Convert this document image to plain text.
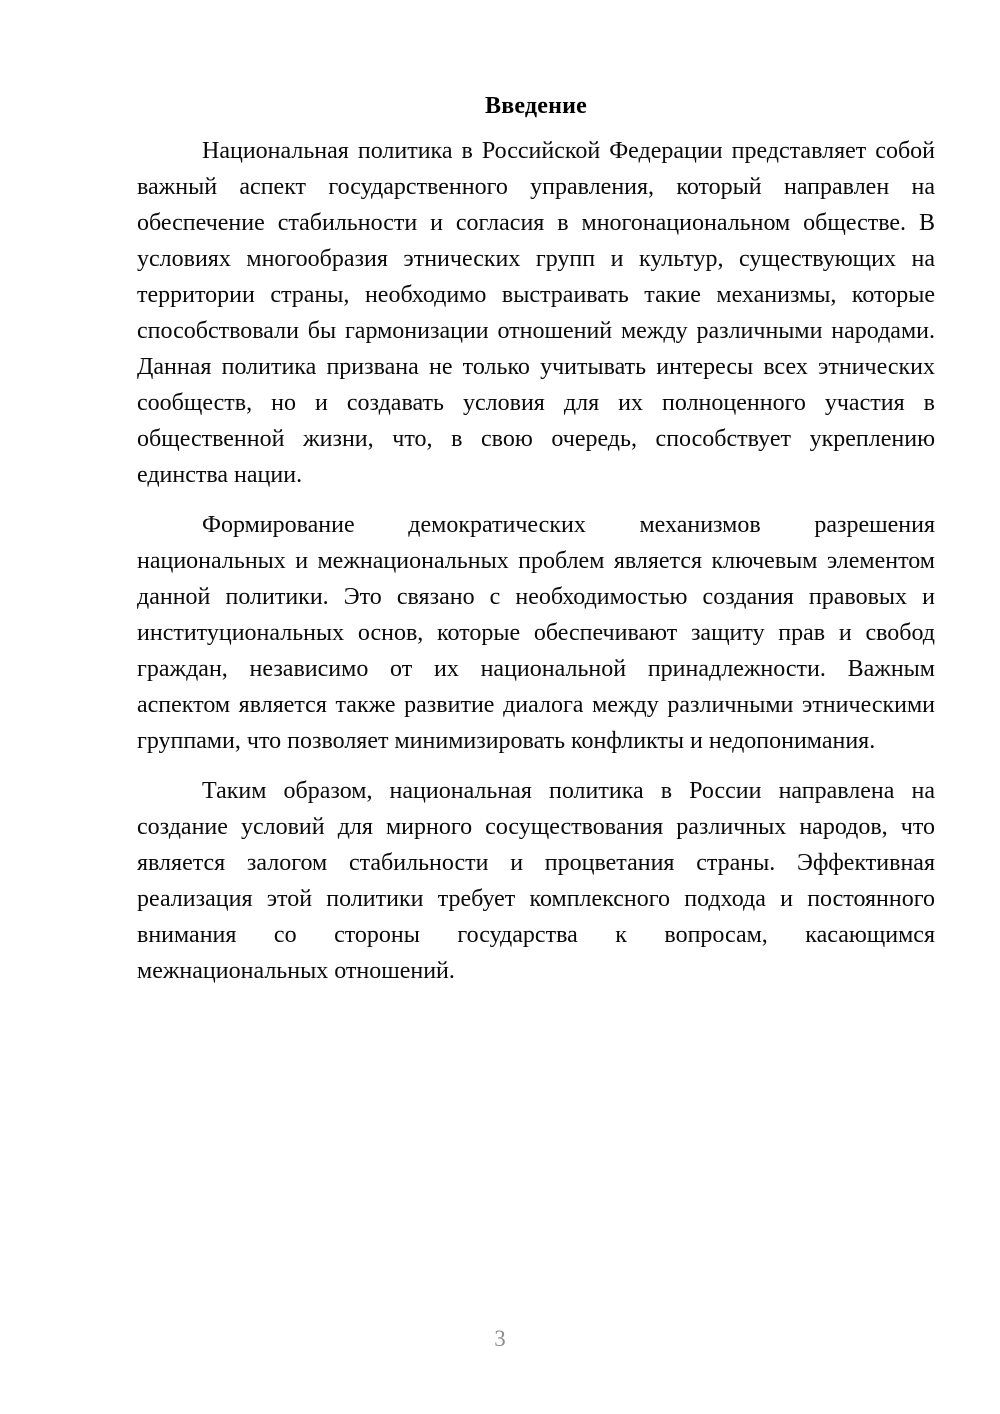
Введение

Национальная политика в Российской Федерации представляет собой важный аспект государственного управления, который направлен на обеспечение стабильности и согласия в многонациональном обществе. В условиях многообразия этнических групп и культур, существующих на территории страны, необходимо выстраивать такие механизмы, которые способствовали бы гармонизации отношений между различными народами. Данная политика призвана не только учитывать интересы всех этнических сообществ, но и создавать условия для их полноценного участия в общественной жизни, что, в свою очередь, способствует укреплению единства нации.

Формирование демократических механизмов разрешения национальных и межнациональных проблем является ключевым элементом данной политики. Это связано с необходимостью создания правовых и институциональных основ, которые обеспечивают защиту прав и свобод граждан, независимо от их национальной принадлежности. Важным аспектом является также развитие диалога между различными этническими группами, что позволяет минимизировать конфликты и недопонимания.

Таким образом, национальная политика в России направлена на создание условий для мирного сосуществования различных народов, что является залогом стабильности и процветания страны. Эффективная реализация этой политики требует комплексного подхода и постоянного внимания со стороны государства к вопросам, касающимся межнациональных отношений.

3
